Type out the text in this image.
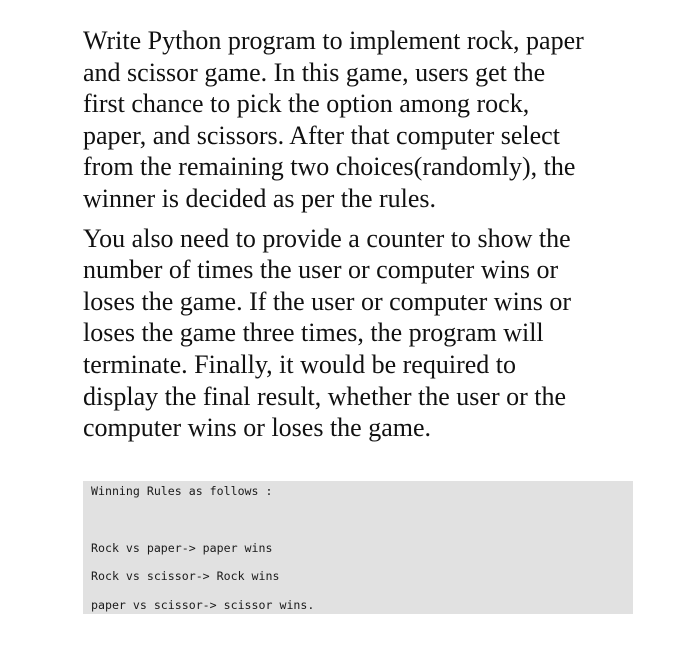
Write Python program to implement rock, paper
and scissor game. In this game, users get the
first chance to pick the option among rock,
paper, and scissors. After that computer select
from the remaining two choices(randomly), the
winner is decided as per the rules.

You also need to provide a counter to show the
number of times the user or computer wins or
loses the game. If the user or computer wins or
loses the game three times, the program will
terminate. Finally, it would be required to
display the final result, whether the user or the
computer wins or loses the game.

Winning Rules as follows :
Rock vs paper-> paper wins
Rock vs scissor-> Rock wins
paper vs scissor-> scissor wins.
